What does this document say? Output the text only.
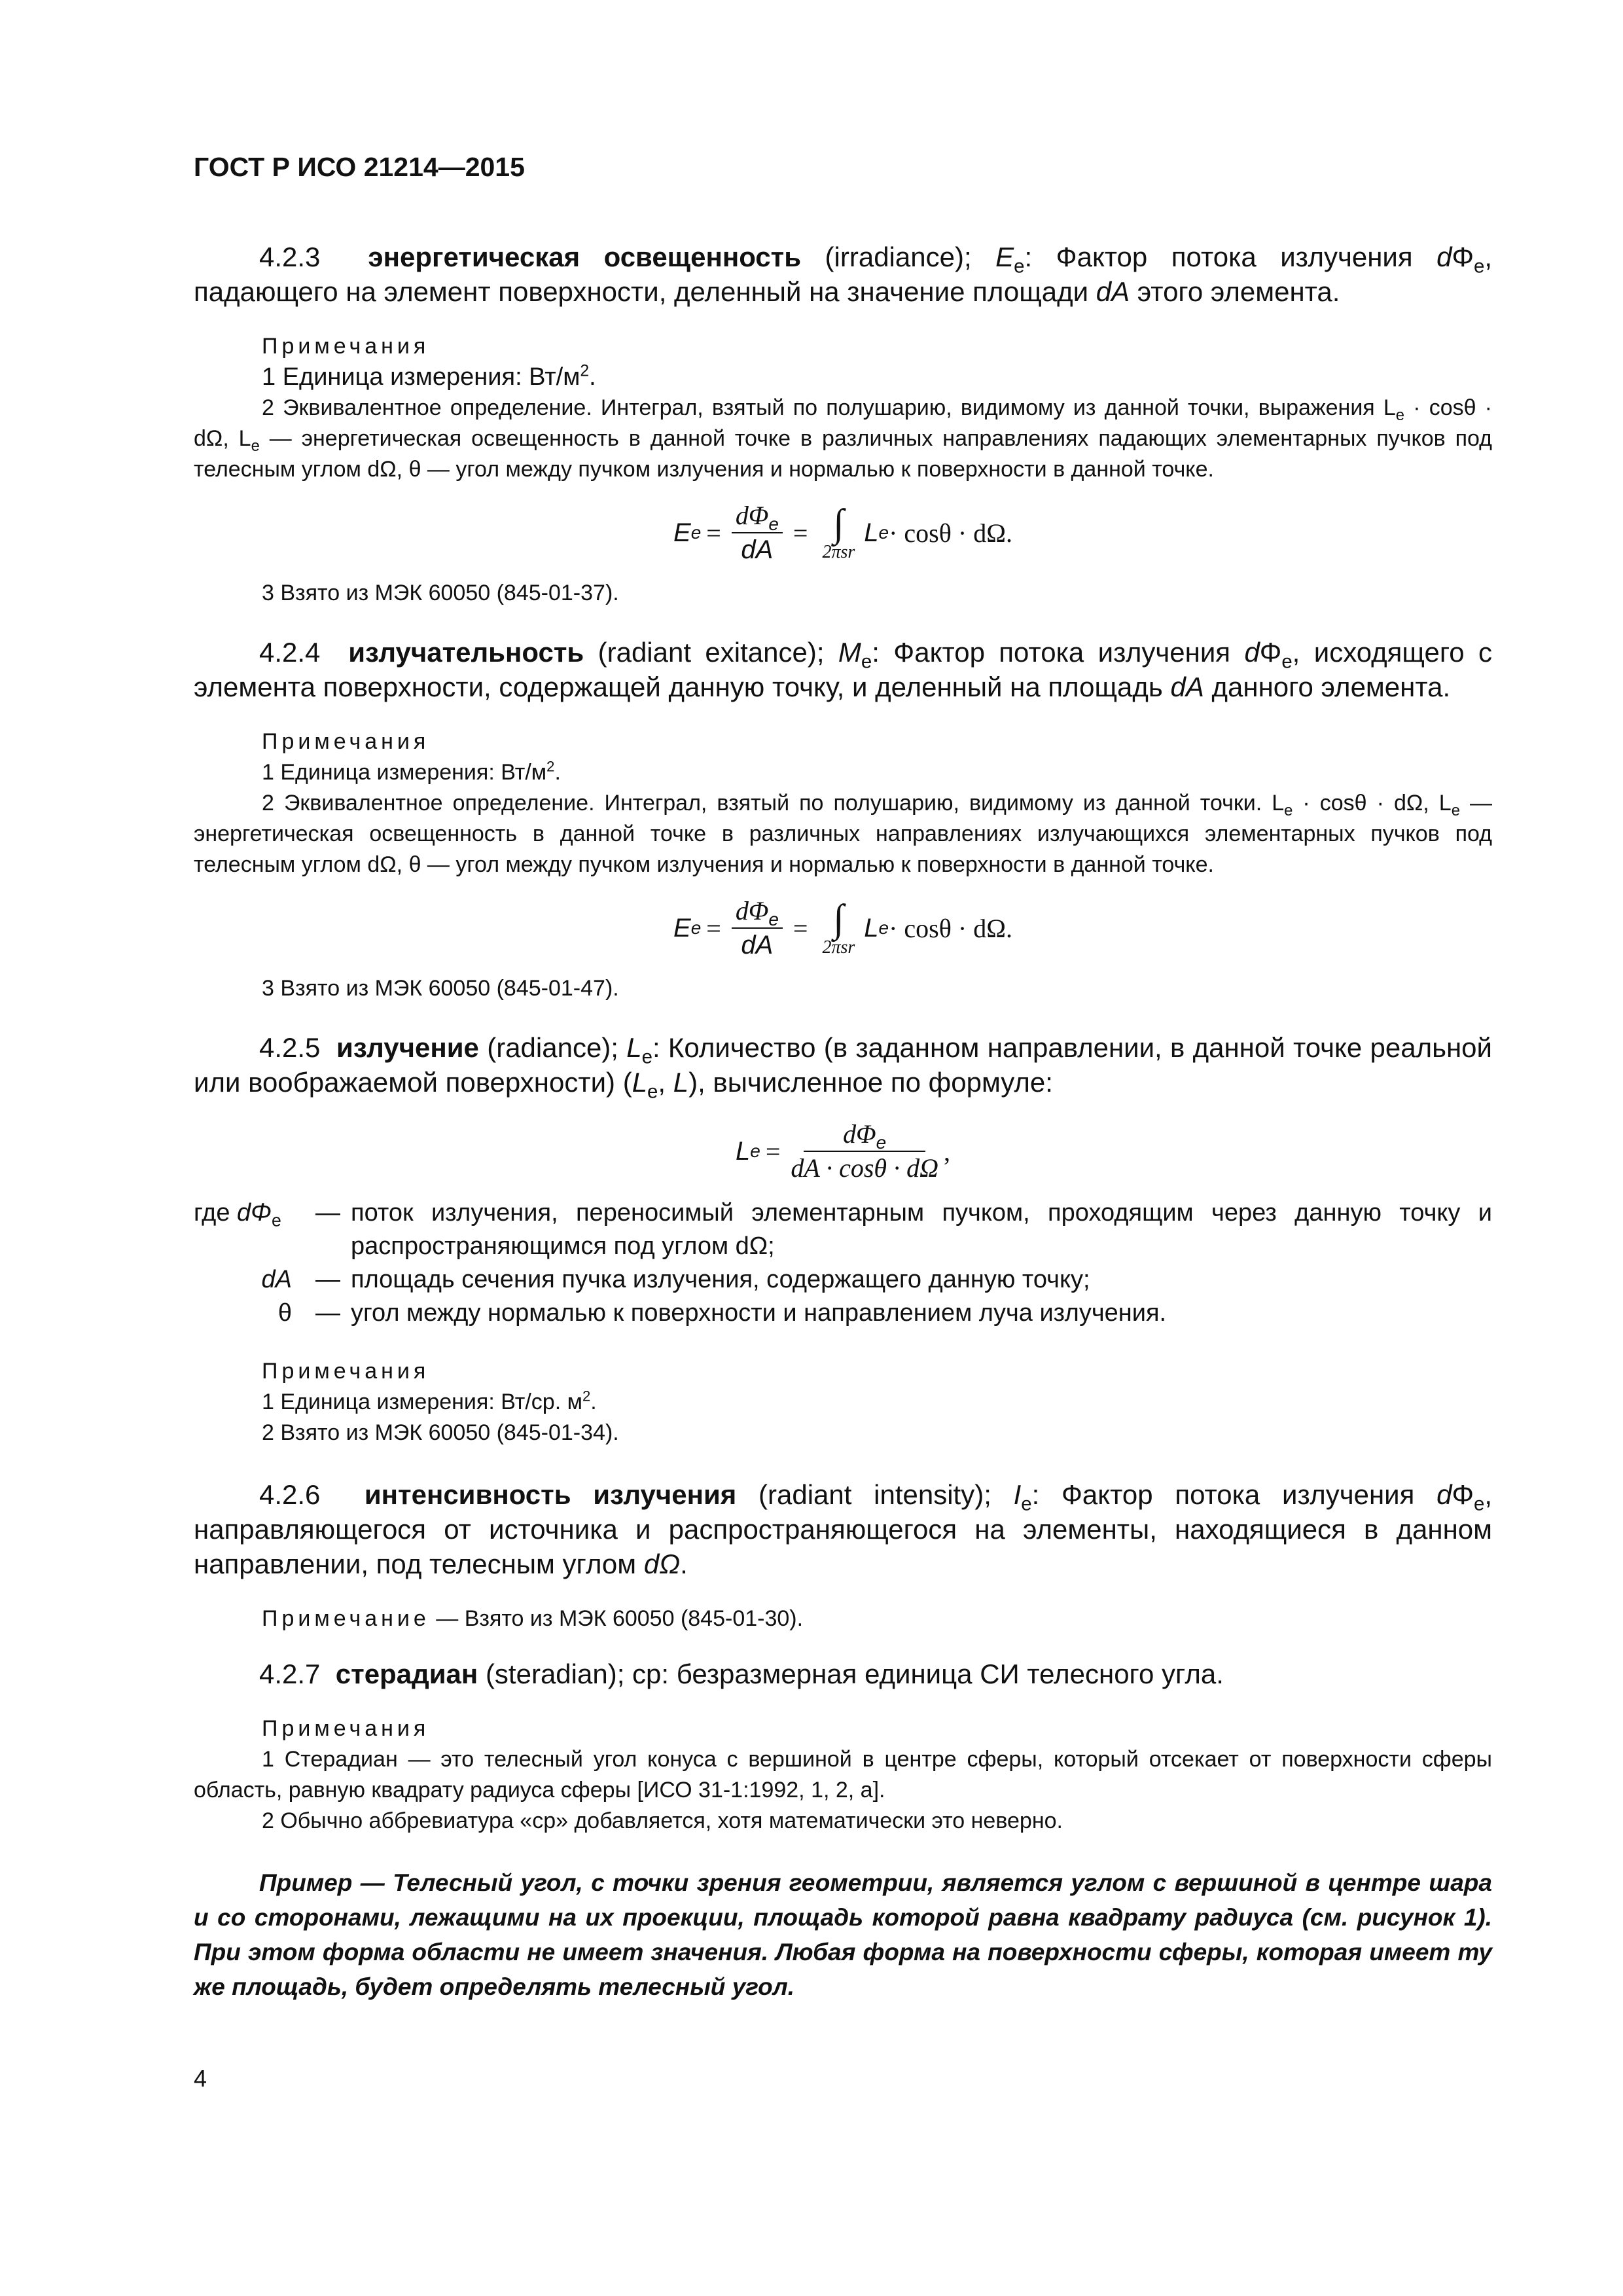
ГОСТ Р ИСО 21214—2015

4.2.3 энергетическая освещенность (irradiance); $E_e$: Фактор потока излучения $d\Phi_e$, падающего на элемент поверхности, деленный на значение площади dA этого элемента.

Примечания
1 Единица измерения: $Вт/м^2$.
2 Эквивалентное определение. Интеграл, взятый по полушарию, видимому из данной точки, выражения $L_e \cdot \cos\theta \cdot d\Omega$, $L_e$ — энергетическая освещенность в данной точке в различных направлениях падающих элементарных пучков под телесным углом dΩ, θ — угол между пучком излучения и нормалью к поверхности в данной точке.
E $e = \frac{d\Phi_e}{dA}$ = ∫
2πsr
L e · cosθ · dΩ.
3 Взято из МЭК 60050 (845-01-37).

4.2.4 излучательность (radiant exitance); $M_e$: Фактор потока излучения $d\Phi_e$, исходящего с элемента поверхности, содержащей данную точку, и деленный на площадь dA данного элемента.

Примечания
1 Единица измерения: $Вт/м^2$.
2 Эквивалентное определение. Интеграл, взятый по полушарию, видимому из данной точки. $L_e \cdot \cos\theta \cdot d\Omega$, $L_e$ — энергетическая освещенность в данной точке в различных направлениях излучающихся элементарных пучков под телесным углом dΩ, θ — угол между пучком излучения и нормалью к поверхности в данной точке.
E $e = \frac{d\Phi_e}{dA}$ = ∫
2πsr
L e · cosθ · dΩ.
3 Взято из МЭК 60050 (845-01-47).

4.2.5 излучение (radiance); $L_e$: Количество (в заданном направлении, в данной точке реальной или воображаемой поверхности) ($L_e$, L), вычисленное по формуле:

L $e = \frac{d\Phi_e}{dA \cdot \cos\theta \cdot d\Omega}$ ,
где $d\Phi_e$	— поток излучения, переносимый элементарным пучком, проходящим через данную точку и распространяющимся под углом dΩ;
dA — площадь сечения пучка излучения, содержащего данную точку;
θ — угол между нормалью к поверхности и направлением луча излучения.
Примечания
1 Единица измерения: Вт/ср. $м^2$.
2 Взято из МЭК 60050 (845-01-34).

4.2.6 интенсивность излучения (radiant intensity); $I_e$: Фактор потока излучения $d\Phi_e$, направляющегося от источника и распространяющегося на элементы, находящиеся в данном направлении, под телесным углом dΩ.

Примечание — Взято из МЭК 60050 (845-01-30).

4.2.7 стерадиан (steradian); ср: безразмерная единица СИ телесного угла.

Примечания
1 Стерадиан — это телесный угол конуса с вершиной в центре сферы, который отсекает от поверхности сферы область, равную квадрату радиуса сферы [ИСО 31-1:1992, 1, 2, а].
2 Обычно аббревиатура «ср» добавляется, хотя математически это неверно.

Пример — Телесный угол, с точки зрения геометрии, является углом с вершиной в центре шара и со сторонами, лежащими на их проекции, площадь которой равна квадрату радиуса (см. рисунок 1). При этом форма области не имеет значения. Любая форма на поверхности сферы, которая имеет ту же площадь, будет определять телесный угол.

4
